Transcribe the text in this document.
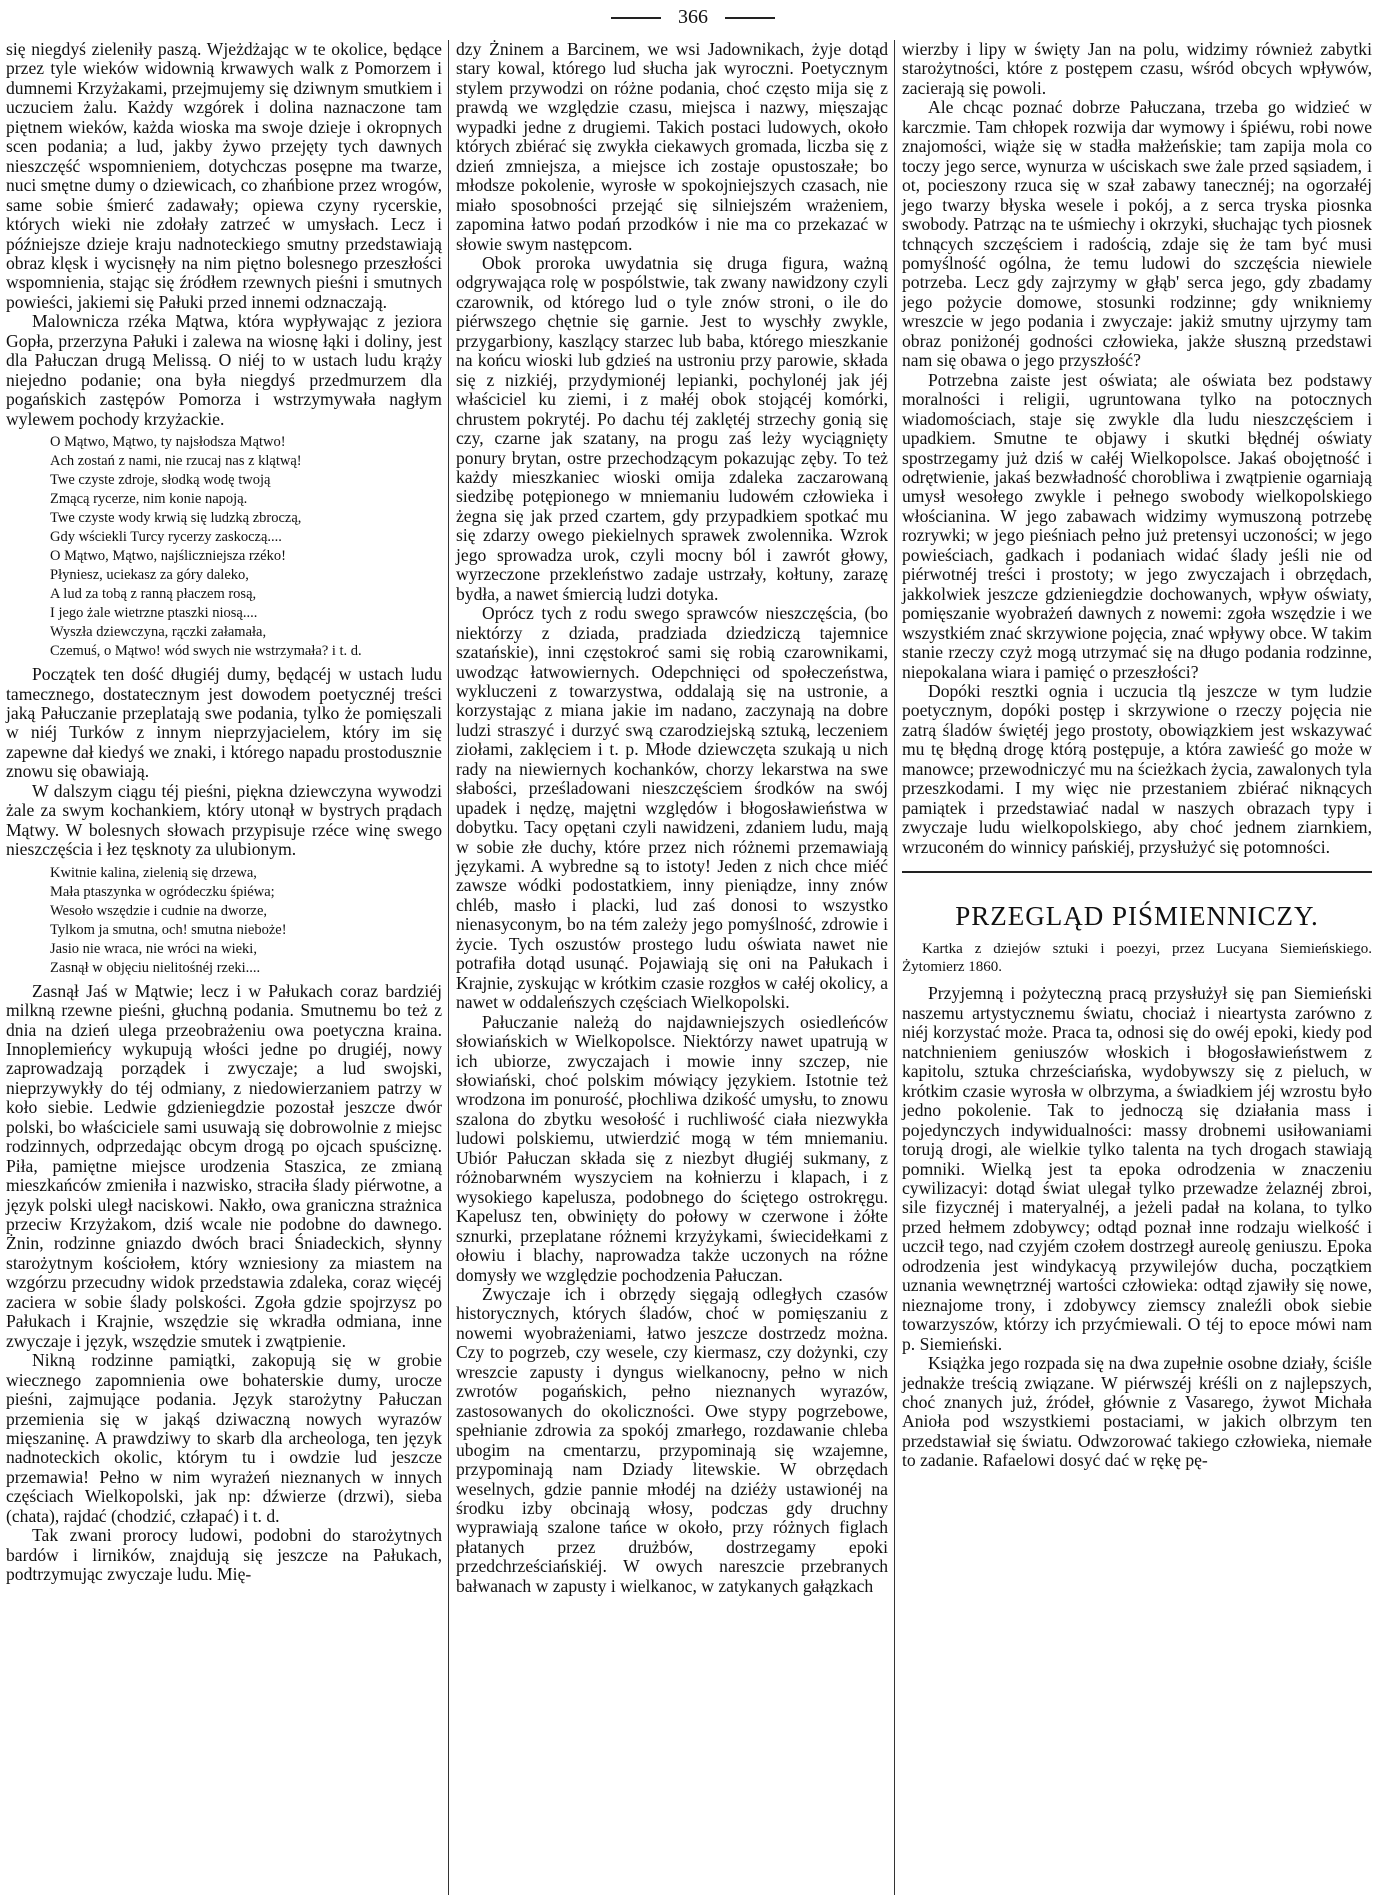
366

się niegdyś zieleniły paszą. Wjeżdżając w te okolice, będące przez tyle wieków widownią krwawych walk z Pomorzem i dumnemi Krzyżakami, przejmujemy się dziwnym smutkiem i uczuciem żalu. Każdy wzgórek i dolina naznaczone tam piętnem wieków, każda wioska ma swoje dzieje i okropnych scen podania; a lud, jakby żywo przejęty tych dawnych nieszczęść wspomnieniem, dotychczas posępne ma twarze, nuci smętne dumy o dziewicach, co zhańbione przez wrogów, same sobie śmierć zadawały; opiewa czyny rycerskie, których wieki nie zdołały zatrzeć w umysłach. Lecz i późniejsze dzieje kraju nadnoteckiego smutny przedstawiają obraz klęsk i wycisnęły na nim piętno bolesnego przeszłości wspomnienia, stając się źródłem rzewnych pieśni i smutnych powieści, jakiemi się Pałuki przed innemi odznaczają.

Malownicza rzéka Mątwa, która wypływając z jeziora Gopła, przerzyna Pałuki i zalewa na wiosnę łąki i doliny, jest dla Pałuczan drugą Melissą. O niéj to w ustach ludu krąży niejedno podanie; ona była niegdyś przedmurzem dla pogańskich zastępów Pomorza i wstrzymywała nagłym wylewem pochody krzyżackie.

O Mątwo, Mątwo, ty najsłodsza Mątwo!
Ach zostań z nami, nie rzucaj nas z klątwą!
Twe czyste zdroje, słodką wodę twoją
Zmącą rycerze, nim konie napoją.
Twe czyste wody krwią się ludzką zbroczą,
Gdy wściekli Turcy rycerzy zaskoczą....
O Mątwo, Mątwo, najśliczniejsza rzéko!
Płyniesz, uciekasz za góry daleko,
A lud za tobą z ranną płaczem rosą,
I jego żale wietrzne ptaszki niosą....
Wyszła dziewczyna, rączki załamała,
Czemuś, o Mątwo! wód swych nie wstrzymała? i t. d.

Początek ten dość długiéj dumy, będącéj w ustach ludu tamecznego, dostatecznym jest dowodem poetycznéj treści jaką Pałuczanie przeplatają swe podania, tylko że pomięszali w niéj Turków z innym nieprzyjacielem, który im się zapewne dał kiedyś we znaki, i którego napadu prostodusznie znowu się obawiają.

W dalszym ciągu téj pieśni, piękna dziewczyna wywodzi żale za swym kochankiem, który utonął w bystrych prądach Mątwy. W bolesnych słowach przypisuje rzéce winę swego nieszczęścia i łez tęsknoty za ulubionym.

Kwitnie kalina, zielenią się drzewa,
Mała ptaszynka w ogródeczku śpiéwa;
Wesoło wszędzie i cudnie na dworze,
Tylkom ja smutna, och! smutna nieboże!
Jasio nie wraca, nie wróci na wieki,
Zasnął w objęciu nielitośnéj rzeki....

Zasnął Jaś w Mątwie; lecz i w Pałukach coraz bardziéj milkną rzewne pieśni, głuchną podania. Smutnemu bo też z dnia na dzień ulega przeobrażeniu owa poetyczna kraina. Innoplemieńcy wykupują włości jedne po drugiéj, nowy zaprowadzają porządek i zwyczaje; a lud swojski, nieprzywykły do téj odmiany, z niedowierzaniem patrzy w koło siebie. Ledwie gdzieniegdzie pozostał jeszcze dwór polski, bo właściciele sami usuwają się dobrowolnie z miejsc rodzinnych, odprzedając obcym drogą po ojcach spuściznę. Piła, pamiętne miejsce urodzenia Staszica, ze zmianą mieszkańców zmieniła i nazwisko, straciła ślady piérwotne, a język polski uległ naciskowi. Nakło, owa graniczna strażnica przeciw Krzyżakom, dziś wcale nie podobne do dawnego. Żnin, rodzinne gniazdo dwóch braci Śniadeckich, słynny starożytnym kościołem, który wzniesiony za miastem na wzgórzu przecudny widok przedstawia zdaleka, coraz więcéj zaciera w sobie ślady polskości. Zgoła gdzie spojrzysz po Pałukach i Krajnie, wszędzie się wkradła odmiana, inne zwyczaje i język, wszędzie smutek i zwątpienie.

Nikną rodzinne pamiątki, zakopują się w grobie wiecznego zapomnienia owe bohaterskie dumy, urocze pieśni, zajmujące podania. Język starożytny Pałuczan przemienia się w jakąś dziwaczną nowych wyrazów mięszaninę. A prawdziwy to skarb dla archeologa, ten język nadnoteckich okolic, którym tu i owdzie lud jeszcze przemawia! Pełno w nim wyrażeń nieznanych w innych częściach Wielkopolski, jak np: dźwierze (drzwi), sieba (chata), rajdać (chodzić, człapać) i t. d.

Tak zwani prorocy ludowi, podobni do starożytnych bardów i lirników, znajdują się jeszcze na Pałukach, podtrzymując zwyczaje ludu. Mię-

dzy Żninem a Barcinem, we wsi Jadownikach, żyje dotąd stary kowal, którego lud słucha jak wyroczni. Poetycznym stylem przywodzi on różne podania, choć często mija się z prawdą we względzie czasu, miejsca i nazwy, mięszając wypadki jedne z drugiemi. Takich postaci ludowych, około których zbiérać się zwykła ciekawych gromada, liczba się z dzień zmniejsza, a miejsce ich zostaje opustoszałe; bo młodsze pokolenie, wyrosłe w spokojniejszych czasach, nie miało sposobności przejąć się silniejszém wrażeniem, zapomina łatwo podań przodków i nie ma co przekazać w słowie swym następcom.

Obok proroka uwydatnia się druga figura, ważną odgrywająca rolę w pospólstwie, tak zwany nawidzony czyli czarownik, od którego lud o tyle znów stroni, o ile do piérwszego chętnie się garnie. Jest to wyschły zwykle, przygarbiony, kaszlący starzec lub baba, którego mieszkanie na końcu wioski lub gdzieś na ustroniu przy parowie, składa się z nizkiéj, przydymionéj lepianki, pochylonéj jak jéj właściciel ku ziemi, i z małéj obok stojącéj komórki, chrustem pokrytéj. Po dachu téj zaklętéj strzechy gonią się czy, czarne jak szatany, na progu zaś leży wyciągnięty ponury brytan, ostre przechodzącym pokazując zęby. To też każdy mieszkaniec wioski omija zdaleka zaczarowaną siedzibę potępionego w mniemaniu ludowém człowieka i żegna się jak przed czartem, gdy przypadkiem spotkać mu się zdarzy owego piekielnych sprawek zwolennika. Wzrok jego sprowadza urok, czyli mocny ból i zawrót głowy, wyrzeczone przekleństwo zadaje ustrzały, kołtuny, zarazę bydła, a nawet śmiercią ludzi dotyka.

Oprócz tych z rodu swego sprawców nieszczęścia, (bo niektórzy z dziada, pradziada dziedziczą tajemnice szatańskie), inni częstokroć sami się robią czarownikami, uwodząc łatwowiernych. Odepchnięci od społeczeństwa, wykluczeni z towarzystwa, oddalają się na ustronie, a korzystając z miana jakie im nadano, zaczynają na dobre ludzi straszyć i durzyć swą czarodziejską sztuką, leczeniem ziołami, zaklęciem i t. p. Młode dziewczęta szukają u nich rady na niewiernych kochanków, chorzy lekarstwa na swe słabości, prześladowani nieszczęściem środków na swój upadek i nędzę, majętni względów i błogosławieństwa w dobytku. Tacy opętani czyli nawidzeni, zdaniem ludu, mają w sobie złe duchy, które przez nich różnemi przemawiają językami. A wybredne są to istoty! Jeden z nich chce miéć zawsze wódki podostatkiem, inny pieniądze, inny znów chléb, masło i placki, lud zaś donosi to wszystko nienasyconym, bo na tém zależy jego pomyślność, zdrowie i życie. Tych oszustów prostego ludu oświata nawet nie potrafiła dotąd usunąć. Pojawiają się oni na Pałukach i Krajnie, zyskując w krótkim czasie rozgłos w całéj okolicy, a nawet w oddaleńszych częściach Wielkopolski.

Pałuczanie należą do najdawniejszych osiedleńców słowiańskich w Wielkopolsce. Niektórzy nawet upatrują w ich ubiorze, zwyczajach i mowie inny szczep, nie słowiański, choć polskim mówiący językiem. Istotnie też wrodzona im ponurość, płochliwa dzikość umysłu, to znowu szalona do zbytku wesołość i ruchliwość ciała niezwykła ludowi polskiemu, utwierdzić mogą w tém mniemaniu. Ubiór Pałuczan składa się z niezbyt długiéj sukmany, z różnobarwném wyszyciem na kołnierzu i klapach, i z wysokiego kapelusza, podobnego do ściętego ostrokręgu. Kapelusz ten, obwinięty do połowy w czerwone i żółte sznurki, przeplatane różnemi krzyżykami, świecidełkami z ołowiu i blachy, naprowadza także uczonych na różne domysły we względzie pochodzenia Pałuczan.

Zwyczaje ich i obrzędy sięgają odległych czasów historycznych, których śladów, choć w pomięszaniu z nowemi wyobrażeniami, łatwo jeszcze dostrzedz można. Czy to pogrzeb, czy wesele, czy kiermasz, czy dożynki, czy wreszcie zapusty i dyngus wielkanocny, pełno w nich zwrotów pogańskich, pełno nieznanych wyrazów, zastosowanych do okoliczności. Owe stypy pogrzebowe, spełnianie zdrowia za spokój zmarłego, rozdawanie chleba ubogim na cmentarzu, przypominają się wzajemne, przypominają nam Dziady litewskie. W obrzędach weselnych, gdzie pannie młodéj na dziéży ustawionéj na środku izby obcinają włosy, podczas gdy druchny wyprawiają szalone tańce w około, przy różnych figlach płatanych przez drużbów, dostrzegamy epoki przedchrześciańskiéj. W owych nareszcie przebranych bałwanach w zapusty i wielkanoc, w zatykanych gałązkach

wierzby i lipy w święty Jan na polu, widzimy również zabytki starożytności, które z postępem czasu, wśród obcych wpływów, zacierają się powoli.

Ale chcąc poznać dobrze Pałuczana, trzeba go widzieć w karczmie. Tam chłopek rozwija dar wymowy i śpiéwu, robi nowe znajomości, wiąże się w stadła małżeńskie; tam zapija mola co toczy jego serce, wynurza w uściskach swe żale przed sąsiadem, i ot, pocieszony rzuca się w szał zabawy tanecznéj; na ogorzałéj jego twarzy błyska wesele i pokój, a z serca tryska piosnka swobody. Patrząc na te uśmiechy i okrzyki, słuchając tych piosnek tchnących szczęściem i radością, zdaje się że tam być musi pomyślność ogólna, że temu ludowi do szczęścia niewiele potrzeba. Lecz gdy zajrzymy w głąb' serca jego, gdy zbadamy jego pożycie domowe, stosunki rodzinne; gdy wnikniemy wreszcie w jego podania i zwyczaje: jakiż smutny ujrzymy tam obraz poniżonéj godności człowieka, jakże słuszną przedstawi nam się obawa o jego przyszłość?

Potrzebna zaiste jest oświata; ale oświata bez podstawy moralności i religii, ugruntowana tylko na potocznych wiadomościach, staje się zwykle dla ludu nieszczęściem i upadkiem. Smutne te objawy i skutki błędnéj oświaty spostrzegamy już dziś w całéj Wielkopolsce. Jakaś obojętność i odrętwienie, jakaś bezwładność chorobliwa i zwątpienie ogarniają umysł wesołego zwykle i pełnego swobody wielkopolskiego włościanina. W jego zabawach widzimy wymuszoną potrzebę rozrywki; w jego pieśniach pełno już pretensyi uczoności; w jego powieściach, gadkach i podaniach widać ślady jeśli nie od piérwotnéj treści i prostoty; w jego zwyczajach i obrzędach, jakkolwiek jeszcze gdzieniegdzie dochowanych, wpływ oświaty, pomięszanie wyobrażeń dawnych z nowemi: zgoła wszędzie i we wszystkiém znać skrzywione pojęcia, znać wpływy obce. W takim stanie rzeczy czyż mogą utrzymać się na długo podania rodzinne, niepokalana wiara i pamięć o przeszłości?

Dopóki resztki ognia i uczucia tlą jeszcze w tym ludzie poetycznym, dopóki postęp i skrzywione o rzeczy pojęcia nie zatrą śladów świętéj jego prostoty, obowiązkiem jest wskazywać mu tę błędną drogę którą postępuje, a która zawieść go może w manowce; przewodniczyć mu na ścieżkach życia, zawalonych tyla przeszkodami. I my więc nie przestaniem zbiérać niknących pamiątek i przedstawiać nadal w naszych obrazach typy i zwyczaje ludu wielkopolskiego, aby choć jednem ziarnkiem, wrzuconém do winnicy pańskiéj, przysłużyć się potomności.

PRZEGLĄD PIŚMIENNICZY.
Kartka z dziejów sztuki i poezyi, przez Lucyana Siemieńskiego. Żytomierz 1860.

Przyjemną i pożyteczną pracą przysłużył się pan Siemieński naszemu artystycznemu światu, chociaż i nieartysta zarówno z niéj korzystać może. Praca ta, odnosi się do owéj epoki, kiedy pod natchnieniem geniuszów włoskich i błogosławieństwem z kapitolu, sztuka chrześciańska, wydobywszy się z pieluch, w krótkim czasie wyrosła w olbrzyma, a świadkiem jéj wzrostu było jedno pokolenie. Tak to jednoczą się działania mass i pojedynczych indywidualności: massy drobnemi usiłowaniami torują drogi, ale wielkie tylko talenta na tych drogach stawiają pomniki. Wielką jest ta epoka odrodzenia w znaczeniu cywilizacyi: dotąd świat ulegał tylko przewadze żelaznéj zbroi, sile fizycznéj i materyalnéj, a jeżeli padał na kolana, to tylko przed hełmem zdobywcy; odtąd poznał inne rodzaju wielkość i uczcił tego, nad czyjém czołem dostrzegł aureolę geniuszu. Epoka odrodzenia jest windykacyą przywilejów ducha, początkiem uznania wewnętrznéj wartości człowieka: odtąd zjawiły się nowe, nieznajome trony, i zdobywcy ziemscy znaleźli obok siebie towarzyszów, którzy ich przyćmiewali. O téj to epoce mówi nam p. Siemieński.

Książka jego rozpada się na dwa zupełnie osobne działy, ściśle jednakże treścią związane. W piérwszéj kréśli on z najlepszych, choć znanych już, źródeł, głównie z Vasarego, żywot Michała Anioła pod wszystkiemi postaciami, w jakich olbrzym ten przedstawiał się światu. Odwzorować takiego człowieka, niemałe to zadanie. Rafaelowi dosyć dać w rękę pę-
